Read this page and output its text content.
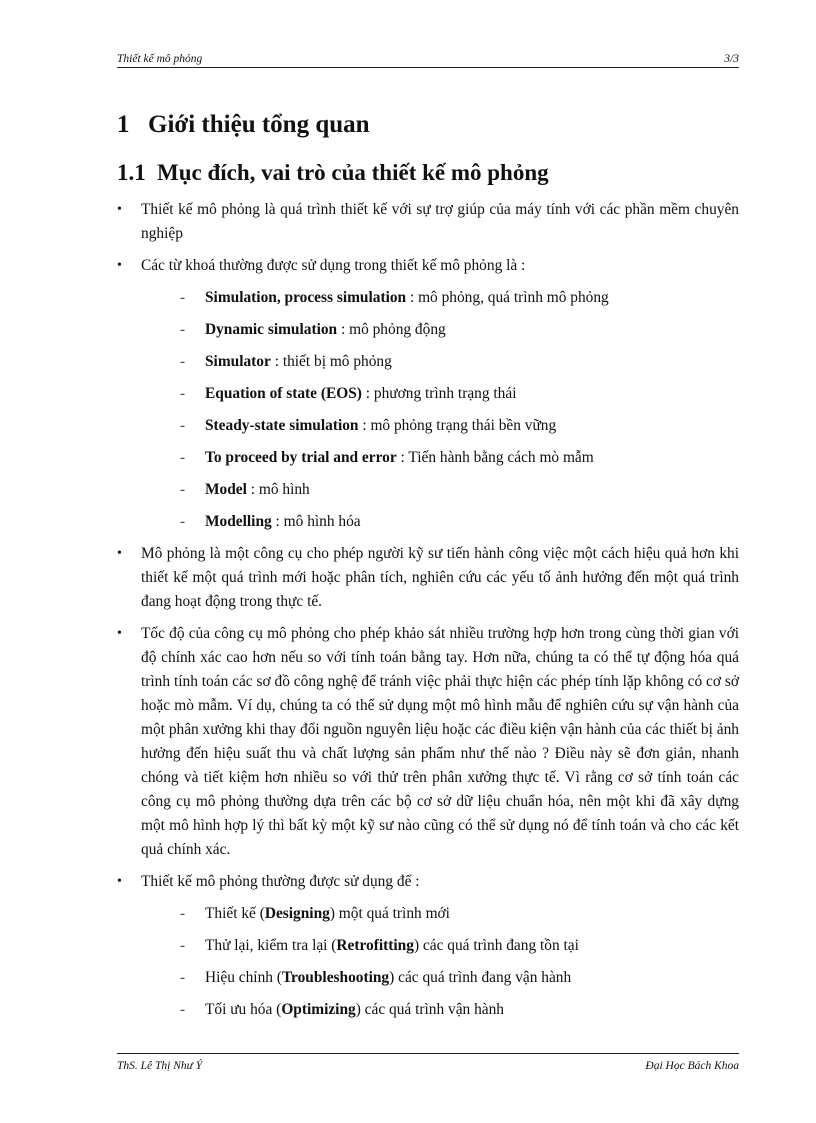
Thiết kế mô phỏng	3/3
1 Giới thiệu tổng quan
1.1 Mục đích, vai trò của thiết kế mô phỏng
• Thiết kế mô phỏng là quá trình thiết kế với sự trợ giúp của máy tính với các phần mềm chuyên nghiệp
• Các từ khoá thường được sử dụng trong thiết kế mô phỏng là :
- Simulation, process simulation : mô phỏng, quá trình mô phỏng
- Dynamic simulation : mô phỏng động
- Simulator : thiết bị mô phỏng
- Equation of state (EOS) : phương trình trạng thái
- Steady-state simulation : mô phỏng trạng thái bền vững
- To proceed by trial and error : Tiến hành bằng cách mò mẫm
- Model : mô hình
- Modelling : mô hình hóa
• Mô phỏng là một công cụ cho phép người kỹ sư tiến hành công việc một cách hiệu quả hơn khi thiết kế một quá trình mới hoặc phân tích, nghiên cứu các yếu tố ảnh hưởng đến một quá trình đang hoạt động trong thực tế.
• Tốc độ của công cụ mô phỏng cho phép khảo sát nhiều trường hợp hơn trong cùng thời gian với độ chính xác cao hơn nếu so với tính toán bằng tay. Hơn nữa, chúng ta có thể tự động hóa quá trình tính toán các sơ đồ công nghệ để tránh việc phải thực hiện các phép tính lặp không có cơ sở hoặc mò mẫm. Ví dụ, chúng ta có thể sử dụng một mô hình mẫu để nghiên cứu sự vận hành của một phân xưởng khi thay đổi nguồn nguyên liệu hoặc các điều kiện vận hành của các thiết bị ảnh hưởng đến hiệu suất thu và chất lượng sản phẩm như thế nào ? Điều này sẽ đơn giản, nhanh chóng và tiết kiệm hơn nhiều so với thử trên phân xưởng thực tế. Vì rằng cơ sở tính toán các công cụ mô phỏng thường dựa trên các bộ cơ sở dữ liệu chuẩn hóa, nên một khi đã xây dựng một mô hình hợp lý thì bất kỳ một kỹ sư nào cũng có thể sử dụng nó để tính toán và cho các kết quả chính xác.
• Thiết kế mô phỏng thường được sử dụng để :
- Thiết kế (Designing) một quá trình mới
- Thử lại, kiểm tra lại (Retrofitting) các quá trình đang tồn tại
- Hiệu chỉnh (Troubleshooting) các quá trình đang vận hành
- Tối ưu hóa (Optimizing) các quá trình vận hành
ThS. Lê Thị Như Ý	Đại Học Bách Khoa
